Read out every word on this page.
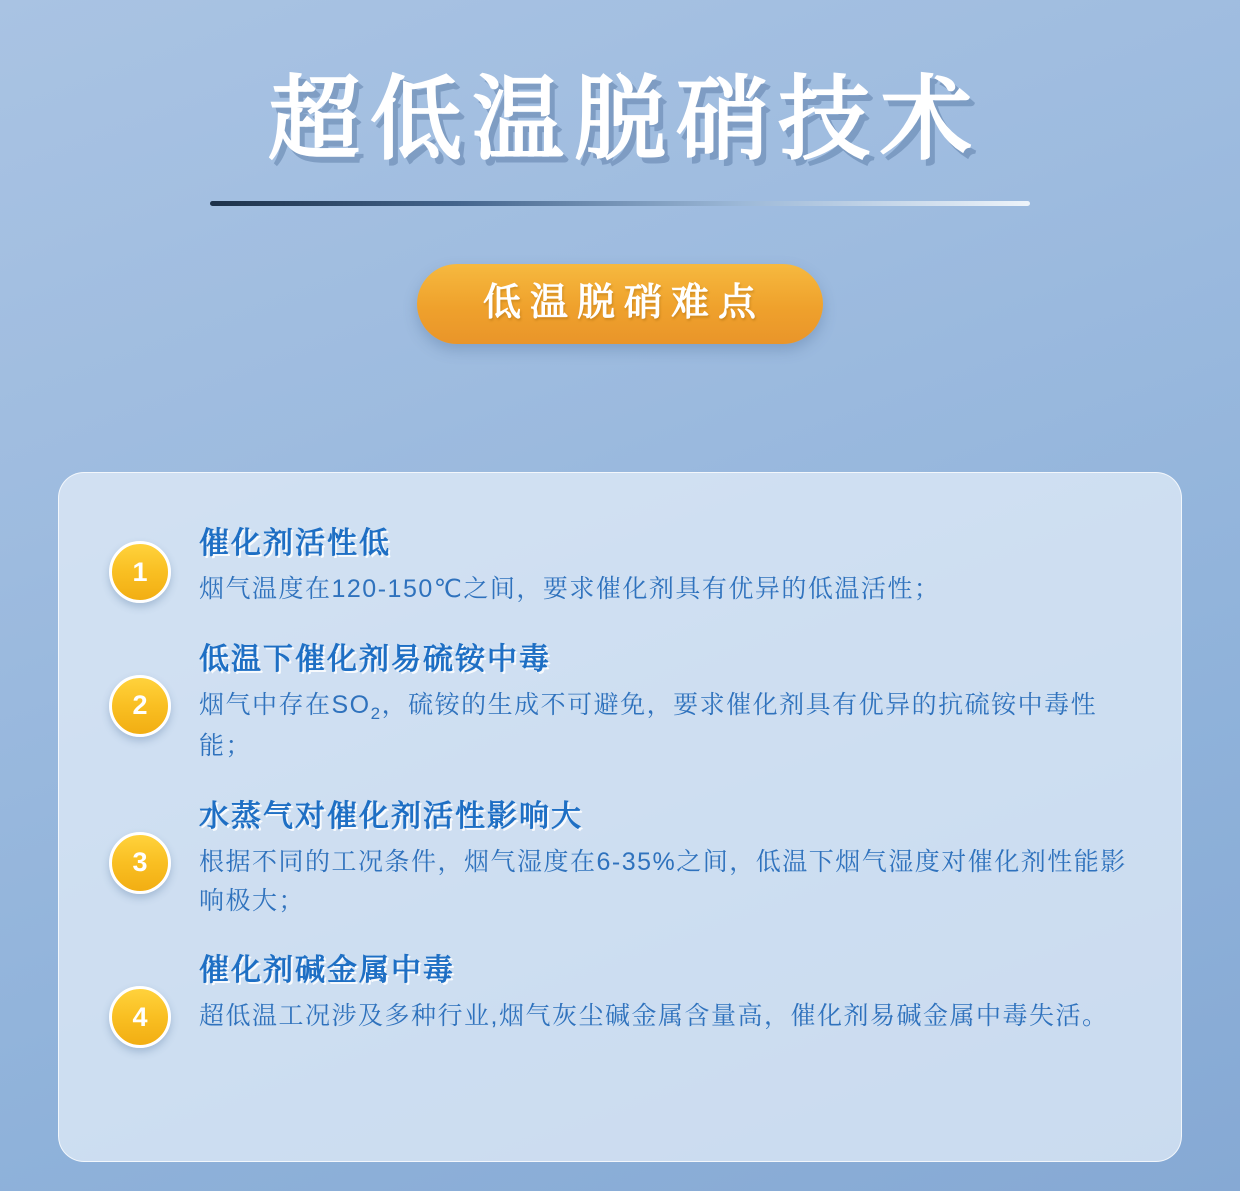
超低温脱硝技术
低温脱硝难点
1
催化剂活性低

烟气温度在120-150℃之间，要求催化剂具有优异的低温活性；

2
低温下催化剂易硫铵中毒

烟气中存在$SO_2$，硫铵的生成不可避免，要求催化剂具有优异的抗硫铵中毒性能；

3
水蒸气对催化剂活性影响大

根据不同的工况条件，烟气湿度在6-35%之间，低温下烟气湿度对催化剂性能影响极大；

4
催化剂碱金属中毒

超低温工况涉及多种行业,烟气灰尘碱金属含量高，催化剂易碱金属中毒失活。
